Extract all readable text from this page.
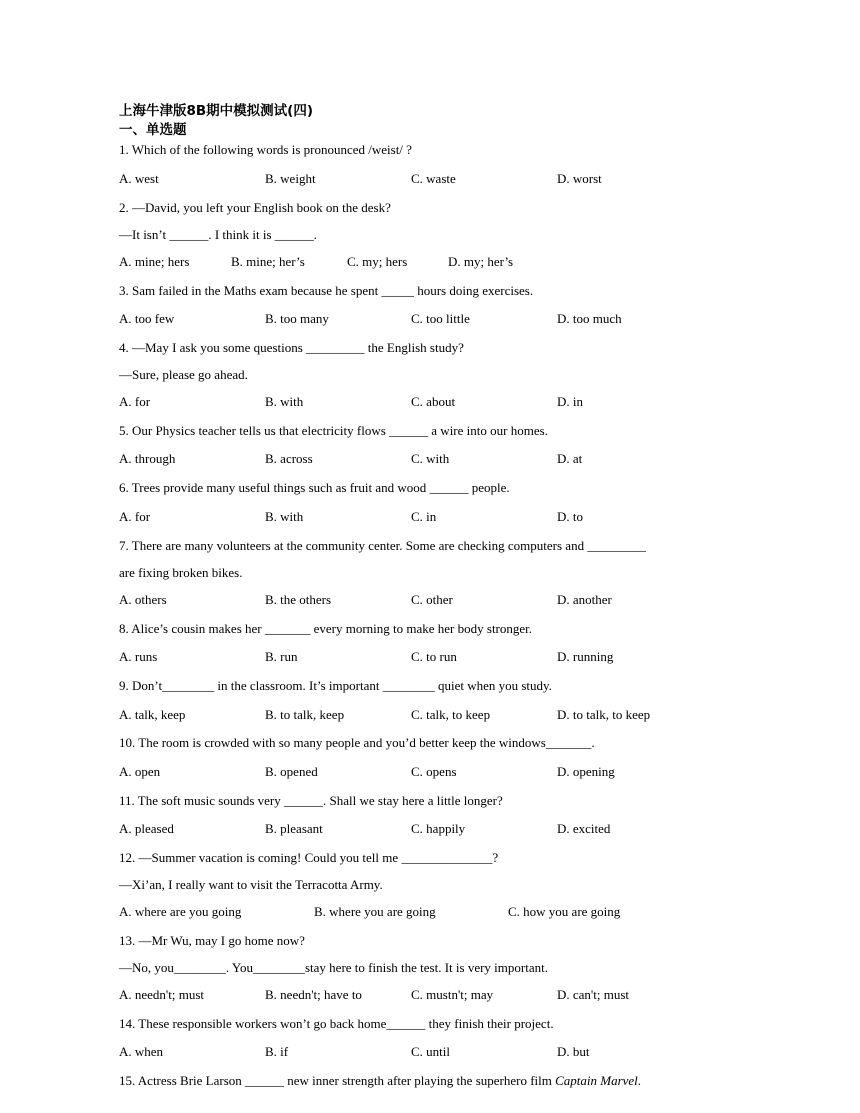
上海牛津版8B期中模拟测试(四)
一、单选题
1. Which of the following words is pronounced /weist/ ?
A. west	B. weight	C. waste	D. worst
2. —David, you left your English book on the desk?
—It isn’t ______. I think it is ______.
A. mine; hers	B. mine; her’s	C. my; hers	D. my; her’s
3. Sam failed in the Maths exam because he spent _____ hours doing exercises.
A. too few	B. too many	C. too little	D. too much
4. —May I ask you some questions _________ the English study?
—Sure, please go ahead.
A. for	B. with	C. about	D. in
5. Our Physics teacher tells us that electricity flows ______ a wire into our homes.
A. through	B. across	C. with	D. at
6. Trees provide many useful things such as fruit and wood ______ people.
A. for	B. with	C. in	D. to
7. There are many volunteers at the community center. Some are checking computers and _________
are fixing broken bikes.
A. others	B. the others	C. other	D. another
8. Alice’s cousin makes her _______ every morning to make her body stronger.
A. runs	B. run	C. to run	D. running
9. Don’t________ in the classroom. It’s important ________ quiet when you study.
A. talk, keep	B. to talk, keep	C. talk, to keep	D. to talk, to keep
10. The room is crowded with so many people and you’d better keep the windows_______.
A. open	B. opened	C. opens	D. opening
11. The soft music sounds very ______. Shall we stay here a little longer?
A. pleased	B. pleasant	C. happily	D. excited
12. —Summer vacation is coming! Could you tell me ______________?
—Xi’an, I really want to visit the Terracotta Army.
A. where are you going	B. where you are going	C. how you are going
13. —Mr Wu, may I go home now?
—No, you________. You________stay here to finish the test. It is very important.
A. needn't; must	B. needn't; have to	C. mustn't; may	D. can't; must
14. These responsible workers won’t go back home______ they finish their project.
A. when	B. if	C. until	D. but
15. Actress Brie Larson ______ new inner strength after playing the superhero film Captain Marvel.
